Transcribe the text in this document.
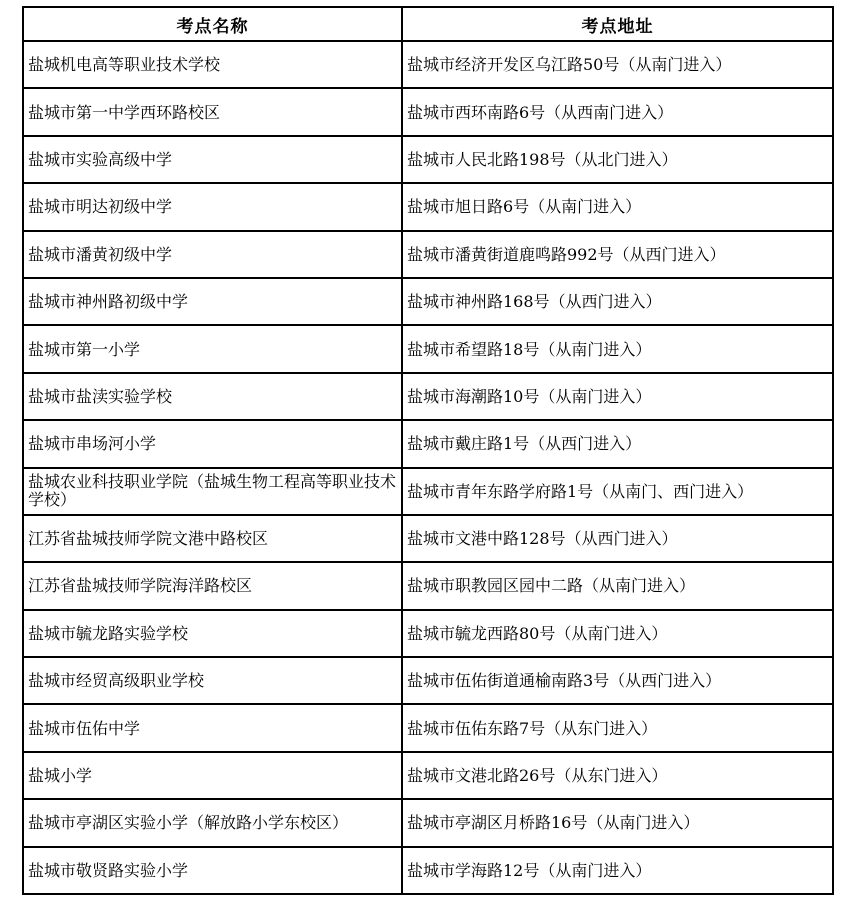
考点名称	考点地址
盐城机电高等职业技术学校	盐城市经济开发区乌江路50号（从南门进入）
盐城市第一中学西环路校区	盐城市西环南路6号（从西南门进入）
盐城市实验高级中学	盐城市人民北路198号（从北门进入）
盐城市明达初级中学	盐城市旭日路6号（从南门进入）
盐城市潘黄初级中学	盐城市潘黄街道鹿鸣路992号（从西门进入）
盐城市神州路初级中学	盐城市神州路168号（从西门进入）
盐城市第一小学	盐城市希望路18号（从南门进入）
盐城市盐渎实验学校	盐城市海潮路10号（从南门进入）
盐城市串场河小学	盐城市戴庄路1号（从西门进入）
盐城农业科技职业学院（盐城生物工程高等职业技术学校）	盐城市青年东路学府路1号（从南门、西门进入）
江苏省盐城技师学院文港中路校区	盐城市文港中路128号（从西门进入）
江苏省盐城技师学院海洋路校区	盐城市职教园区园中二路（从南门进入）
盐城市毓龙路实验学校	盐城市毓龙西路80号（从南门进入）
盐城市经贸高级职业学校	盐城市伍佑街道通榆南路3号（从西门进入）
盐城市伍佑中学	盐城市伍佑东路7号（从东门进入）
盐城小学	盐城市文港北路26号（从东门进入）
盐城市亭湖区实验小学（解放路小学东校区）	盐城市亭湖区月桥路16号（从南门进入）
盐城市敬贤路实验小学	盐城市学海路12号（从南门进入）
